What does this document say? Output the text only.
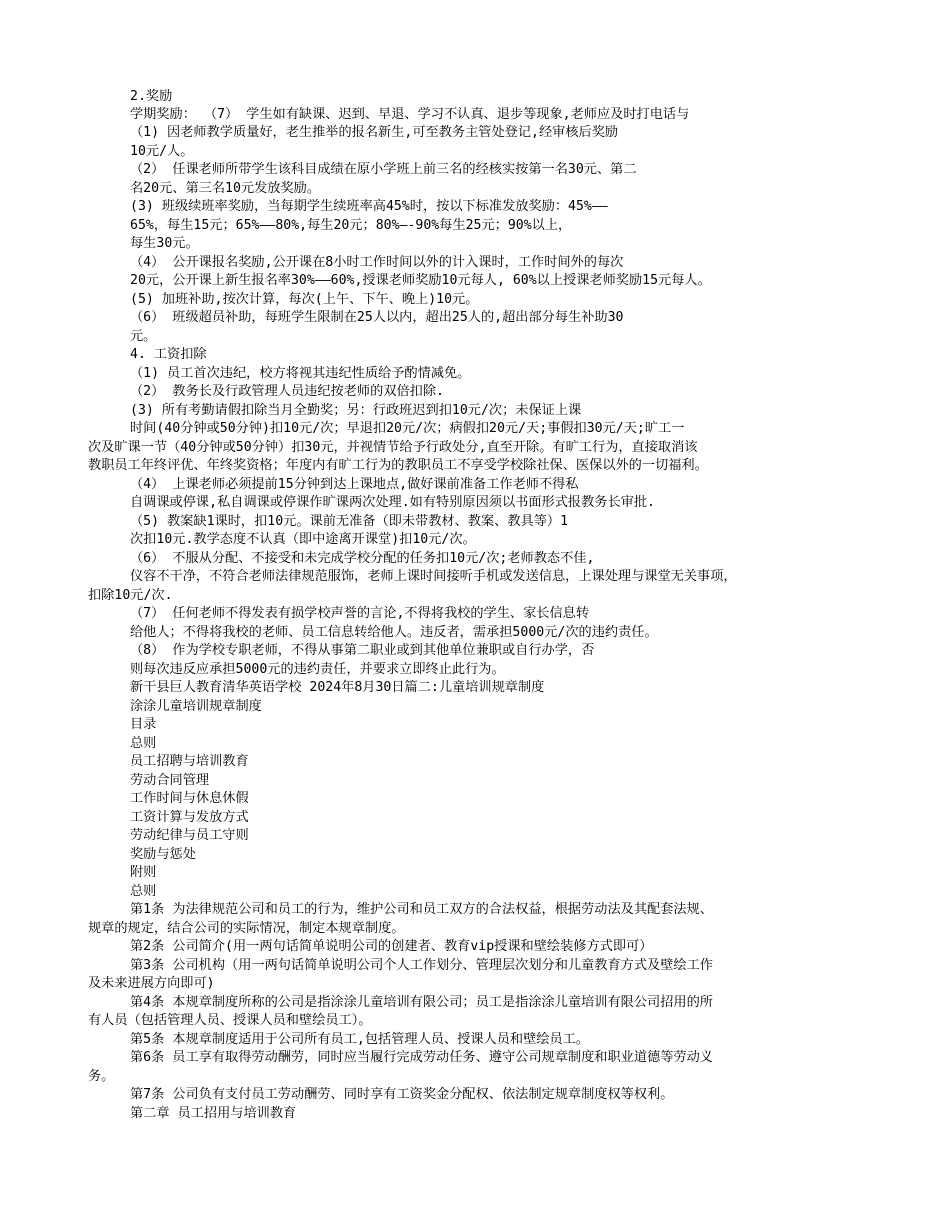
2.奖励
学期奖励： （7） 学生如有缺课、迟到、早退、学习不认真、退步等现象,老师应及时打电话与
（1) 因老师教学质量好，老生推举的报名新生,可至教务主管处登记,经审核后奖励
10元/人。
（2） 任课老师所带学生该科目成绩在原小学班上前三名的经核实按第一名30元、第二
名20元、第三名10元发放奖励。
(3) 班级续班率奖励，当每期学生续班率高45%时，按以下标准发放奖励：45%——
65%，每生15元；65%——80%,每生20元；80%—-90%每生25元；90%以上，
每生30元。
（4） 公开课报名奖励,公开课在8小时工作时间以外的计入课时，工作时间外的每次
20元，公开课上新生报名率30%——60%,授课老师奖励10元每人, 60%以上授课老师奖励15元每人。
(5) 加班补助,按次计算，每次(上午、下午、晚上)10元。
（6） 班级超员补助，每班学生限制在25人以内，超出25人的,超出部分每生补助30
元。
4. 工资扣除
（1) 员工首次违纪，校方将视其违纪性质给予酌情减免。
（2） 教务长及行政管理人员违纪按老师的双倍扣除.
(3) 所有考勤请假扣除当月全勤奖；另：行政班迟到扣10元/次；未保证上课
时间(40分钟或50分钟)扣10元/次；早退扣20元/次；病假扣20元/天;事假扣30元/天;旷工一
次及旷课一节（40分钟或50分钟）扣30元，并视情节给予行政处分,直至开除。有旷工行为，直接取消该
教职员工年终评优、年终奖资格；年度内有旷工行为的教职员工不享受学校除社保、医保以外的一切福利。
（4） 上课老师必须提前15分钟到达上课地点,做好课前准备工作老师不得私
自调课或停课,私自调课或停课作旷课两次处理.如有特别原因须以书面形式报教务长审批.
（5) 教案缺1课时，扣10元。课前无准备（即未带教材、教案、教具等）1
次扣10元.教学态度不认真（即中途离开课堂)扣10元/次。
（6） 不服从分配、不接受和未完成学校分配的任务扣10元/次;老师教态不佳,
仪容不干净，不符合老师法律规范服饰，老师上课时间接听手机或发送信息，上课处理与课堂无关事项，
扣除10元/次.
（7） 任何老师不得发表有损学校声誉的言论,不得将我校的学生、家长信息转
给他人；不得将我校的老师、员工信息转给他人。违反者，需承担5000元/次的违约责任。
（8） 作为学校专职老师，不得从事第二职业或到其他单位兼职或自行办学，否
则每次违反应承担5000元的违约责任，并要求立即终止此行为。
新干县巨人教育清华英语学校 2024年8月30日篇二:儿童培训规章制度
涂涂儿童培训规章制度
目录
总则
员工招聘与培训教育
劳动合同管理
工作时间与休息休假
工资计算与发放方式
劳动纪律与员工守则
奖励与惩处
附则
总则
第1条 为法律规范公司和员工的行为，维护公司和员工双方的合法权益，根据劳动法及其配套法规、
规章的规定，结合公司的实际情况，制定本规章制度。
第2条 公司简介(用一两句话简单说明公司的创建者、教育vip授课和壁绘装修方式即可）
第3条 公司机构（用一两句话简单说明公司个人工作划分、管理层次划分和儿童教育方式及壁绘工作
及未来进展方向即可)
第4条 本规章制度所称的公司是指涂涂儿童培训有限公司；员工是指涂涂儿童培训有限公司招用的所
有人员（包括管理人员、授课人员和壁绘员工）。
第5条 本规章制度适用于公司所有员工,包括管理人员、授课人员和壁绘员工。
第6条 员工享有取得劳动酬劳，同时应当履行完成劳动任务、遵守公司规章制度和职业道德等劳动义
务。
第7条 公司负有支付员工劳动酬劳、同时享有工资奖金分配权、依法制定规章制度权等权利。
第二章 员工招用与培训教育
